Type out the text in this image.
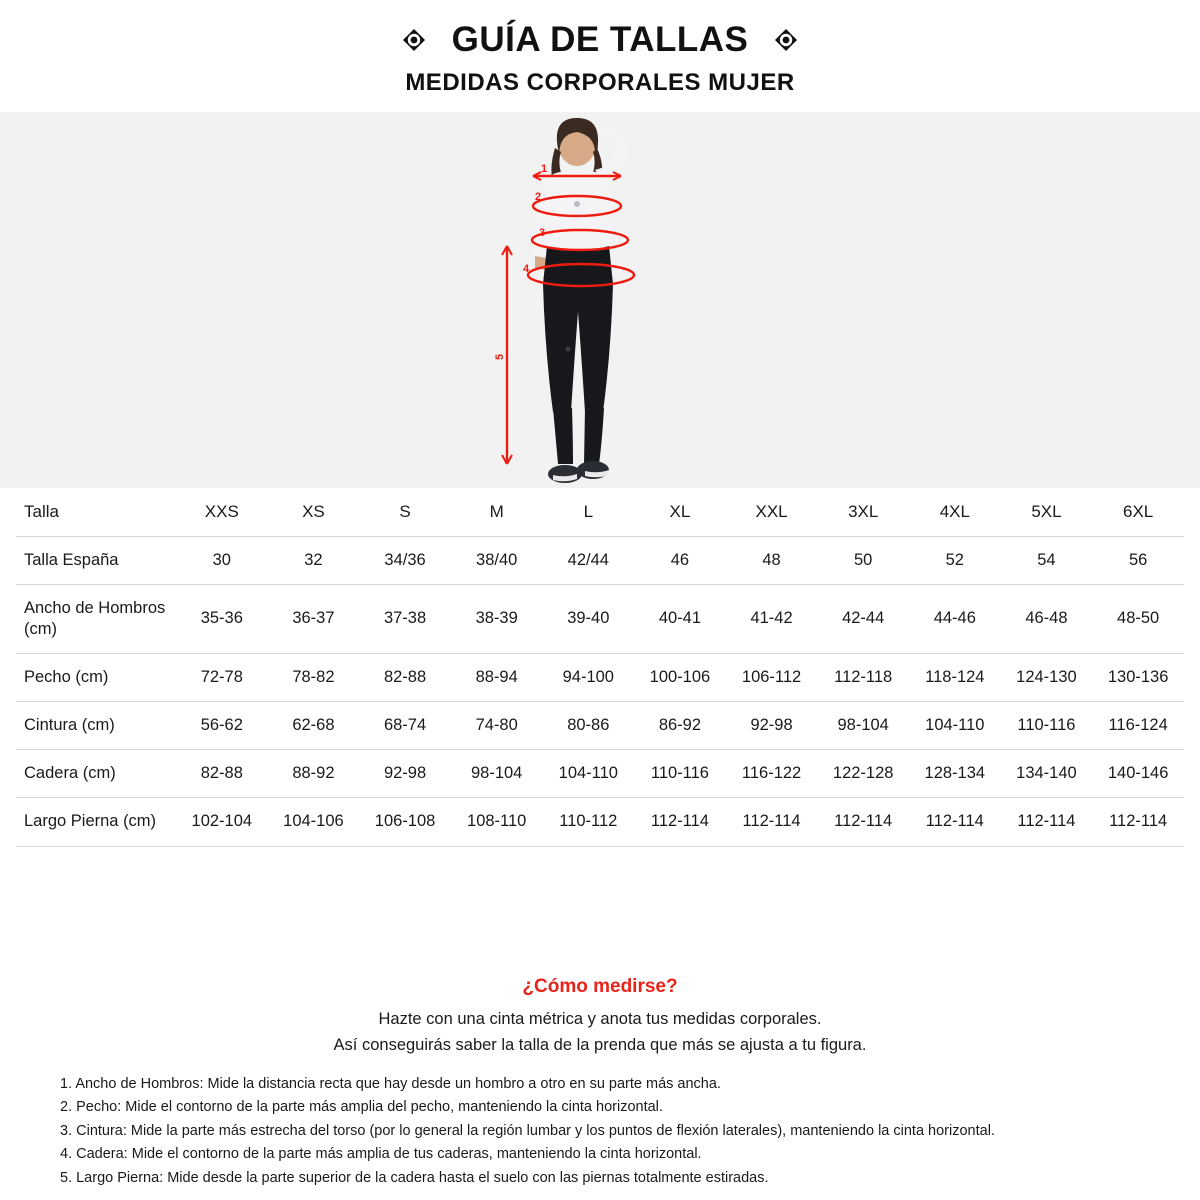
GUÍA DE TALLAS
MEDIDAS CORPORALES MUJER
1
2
3
4
5
Talla	XXS	XS	S	M	L	XL	XXL	3XL	4XL	5XL	6XL
Talla España	30	32	34/36	38/40	42/44	46	48	50	52	54	56
Ancho de Hombros (cm)	35-36	36-37	37-38	38-39	39-40	40-41	41-42	42-44	44-46	46-48	48-50
Pecho (cm)	72-78	78-82	82-88	88-94	94-100	100-106	106-112	112-118	118-124	124-130	130-136
Cintura (cm)	56-62	62-68	68-74	74-80	80-86	86-92	92-98	98-104	104-110	110-116	116-124
Cadera (cm)	82-88	88-92	92-98	98-104	104-110	110-116	116-122	122-128	128-134	134-140	140-146
Largo Pierna (cm)	102-104	104-106	106-108	108-110	110-112	112-114	112-114	112-114	112-114	112-114	112-114
¿Cómo medirse?
Hazte con una cinta métrica y anota tus medidas corporales.
Así conseguirás saber la talla de la prenda que más se ajusta a tu figura.
1. Ancho de Hombros: Mide la distancia recta que hay desde un hombro a otro en su parte más ancha.
2. Pecho: Mide el contorno de la parte más amplia del pecho, manteniendo la cinta horizontal.
3. Cintura: Mide la parte más estrecha del torso (por lo general la región lumbar y los puntos de flexión laterales), manteniendo la cinta horizontal.
4. Cadera: Mide el contorno de la parte más amplia de tus caderas, manteniendo la cinta horizontal.
5. Largo Pierna: Mide desde la parte superior de la cadera hasta el suelo con las piernas totalmente estiradas.
